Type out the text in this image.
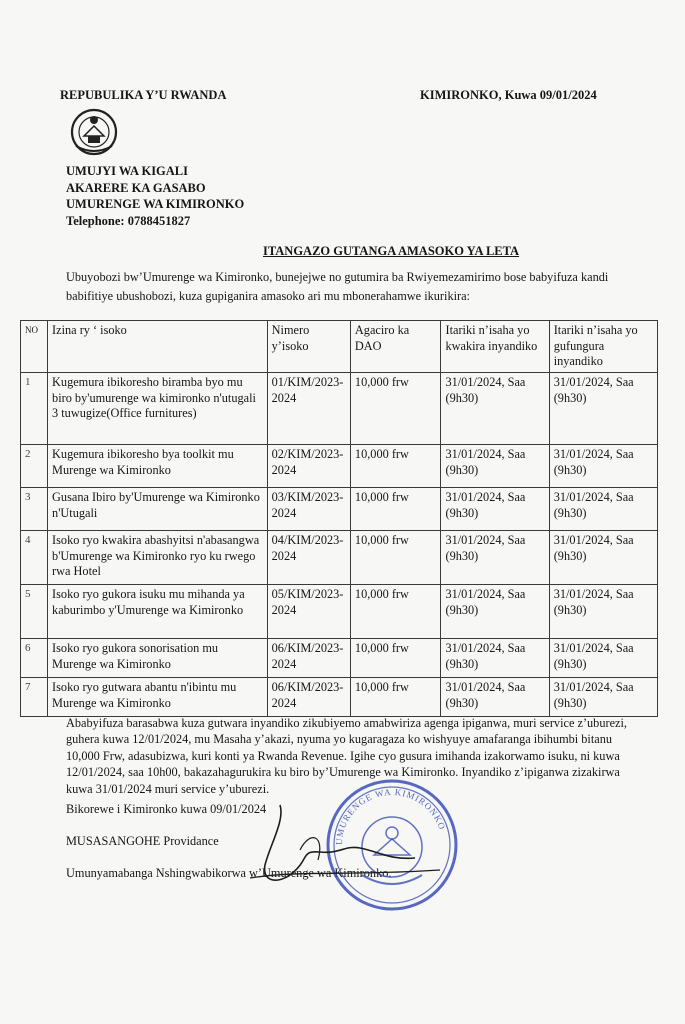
REPUBULIKA Y’U RWANDA	KIMIRONKO, Kuwa 09/01/2024
UMUJYI WA KIGALI
AKARERE KA GASABO
UMURENGE WA KIMIRONKO
Telephone: 0788451827
ITANGAZO GUTANGA AMASOKO YA LETA
Ubuyobozi bw’Umurenge wa Kimironko, bunejejwe no gutumira ba Rwiyemezamirimo bose babyifuza kandi babifitiye ubushobozi, kuza gupiganira amasoko ari mu mbonerahamwe ikurikira:
NO	Izina ry ‘ isoko	Nimero y’isoko	Agaciro ka DAO	Itariki n’isaha yo kwakira inyandiko	Itariki n’isaha yo gufungura inyandiko
1	Kugemura ibikoresho biramba byo mu biro by'umurenge wa kimironko n'utugali 3 tuwugize(Office furnitures)	01/KIM/2023-2024	10,000 frw	31/01/2024, Saa (9h30)	31/01/2024, Saa (9h30)
2	Kugemura ibikoresho bya toolkit mu Murenge wa Kimironko	02/KIM/2023-2024	10,000 frw	31/01/2024, Saa (9h30)	31/01/2024, Saa (9h30)
3	Gusana Ibiro by'Umurenge wa Kimironko n'Utugali	03/KIM/2023-2024	10,000 frw	31/01/2024, Saa (9h30)	31/01/2024, Saa (9h30)
4	Isoko ryo kwakira abashyitsi n'abasangwa b'Umurenge wa Kimironko ryo ku rwego rwa Hotel	04/KIM/2023-2024	10,000 frw	31/01/2024, Saa (9h30)	31/01/2024, Saa (9h30)
5	Isoko ryo gukora isuku mu mihanda ya kaburimbo y'Umurenge wa Kimironko	05/KIM/2023-2024	10,000 frw	31/01/2024, Saa (9h30)	31/01/2024, Saa (9h30)
6	Isoko ryo gukora sonorisation mu Murenge wa Kimironko	06/KIM/2023-2024	10,000 frw	31/01/2024, Saa (9h30)	31/01/2024, Saa (9h30)
7	Isoko ryo gutwara abantu n'ibintu mu Murenge wa Kimironko	06/KIM/2023-2024	10,000 frw	31/01/2024, Saa (9h30)	31/01/2024, Saa (9h30)
Ababyifuza barasabwa kuza gutwara inyandiko zikubiyemo amabwiriza agenga ipiganwa, muri service z’uburezi, guhera kuwa 12/01/2024, mu Masaha y’akazi, nyuma yo kugaragaza ko wishyuye amafaranga ibihumbi bitanu 10,000 Frw, adasubizwa, kuri konti ya Rwanda Revenue. Igihe cyo gusura imihanda izakorwamo isuku, ni kuwa 12/01/2024, saa 10h00, bakazahagurukira ku biro by’Umurenge wa Kimironko. Inyandiko z’ipiganwa zizakirwa kuwa 31/01/2024 muri service y’uburezi.
Bikorewe i Kimironko kuwa 09/01/2024
MUSASANGOHE Providance
Umunyamabanga Nshingwabikorwa w’Umurenge wa Kimironko.
UMURENGE WA KIMIRONKO
